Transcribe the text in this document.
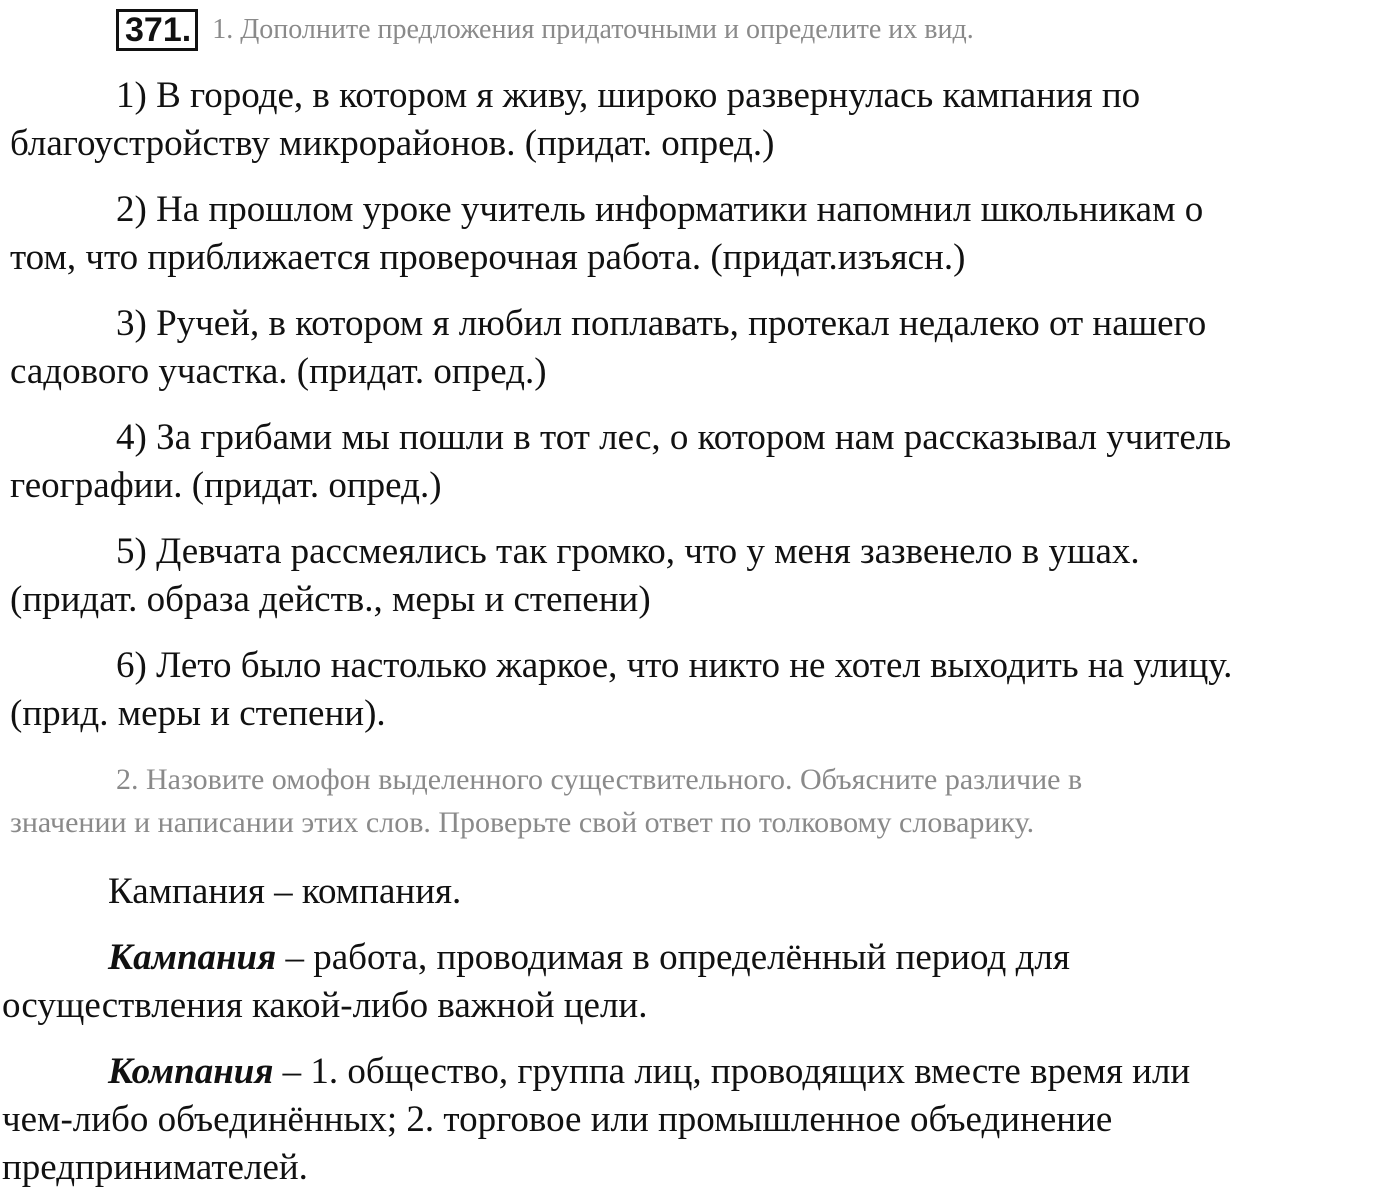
371. 1. Дополните предложения придаточными и определите их вид.

1) В городе, в котором я живу, широко развернулась кампания по
благоустройству микрорайонов. (придат. опред.)

2) На прошлом уроке учитель информатики напомнил школьникам о
том, что приближается проверочная работа. (придат.изъясн.)

3) Ручей, в котором я любил поплавать, протекал недалеко от нашего
садового участка. (придат. опред.)

4) За грибами мы пошли в тот лес, о котором нам рассказывал учитель
географии. (придат. опред.)

5) Девчата рассмеялись так громко, что у меня зазвенело в ушах.
(придат. образа действ., меры и степени)

6) Лето было настолько жаркое, что никто не хотел выходить на улицу.
(прид. меры и степени).

2. Назовите омофон выделенного существительного. Объясните различие в
значении и написании этих слов. Проверьте свой ответ по толковому словарику.

Кампания – компания.

Кампания – работа, проводимая в определённый период для
осуществления какой-либо важной цели.

Компания – 1. общество, группа лиц, проводящих вместе время или
чем-либо объединённых; 2. торговое или промышленное объединение
предпринимателей.
